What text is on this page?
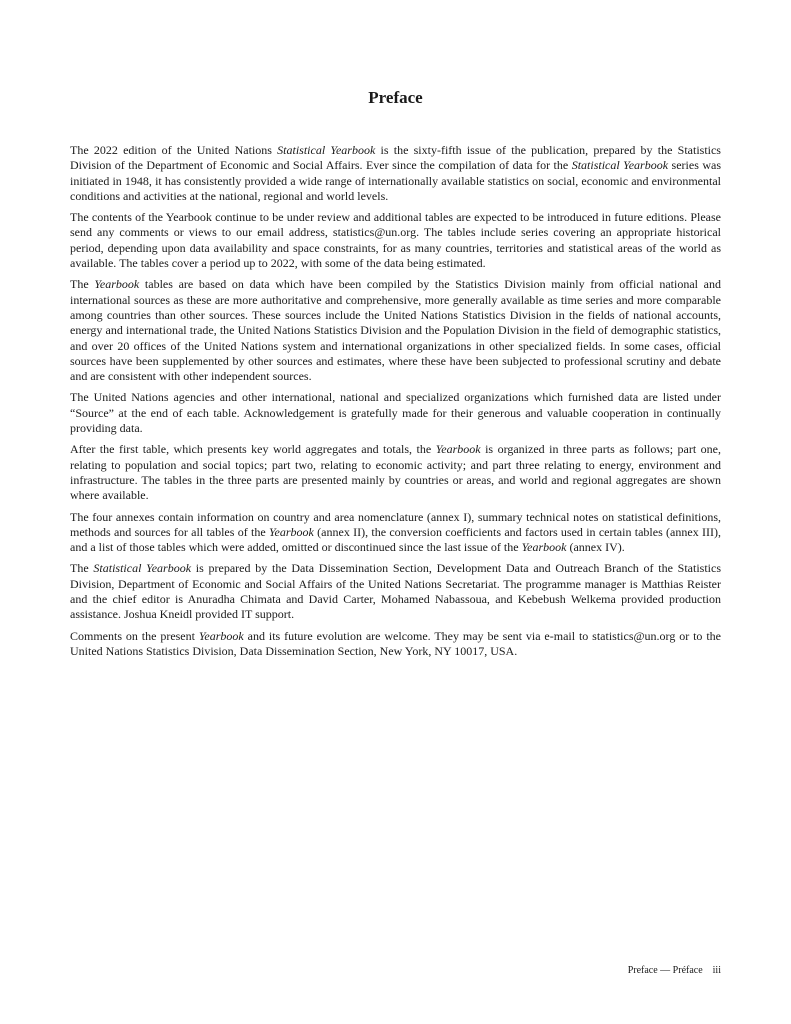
Preface

The 2022 edition of the United Nations Statistical Yearbook is the sixty-fifth issue of the publication, prepared by the Statistics Division of the Department of Economic and Social Affairs. Ever since the compilation of data for the Statistical Yearbook series was initiated in 1948, it has consistently provided a wide range of internationally available statistics on social, economic and environmental conditions and activities at the national, regional and world levels.

The contents of the Yearbook continue to be under review and additional tables are expected to be introduced in future editions. Please send any comments or views to our email address, statistics@un.org. The tables include series covering an appropriate historical period, depending upon data availability and space constraints, for as many countries, territories and statistical areas of the world as available. The tables cover a period up to 2022, with some of the data being estimated.

The Yearbook tables are based on data which have been compiled by the Statistics Division mainly from official national and international sources as these are more authoritative and comprehensive, more generally available as time series and more comparable among countries than other sources. These sources include the United Nations Statistics Division in the fields of national accounts, energy and international trade, the United Nations Statistics Division and the Population Division in the field of demographic statistics, and over 20 offices of the United Nations system and international organizations in other specialized fields. In some cases, official sources have been supplemented by other sources and estimates, where these have been subjected to professional scrutiny and debate and are consistent with other independent sources.

The United Nations agencies and other international, national and specialized organizations which furnished data are listed under “Source” at the end of each table. Acknowledgement is gratefully made for their generous and valuable cooperation in continually providing data.

After the first table, which presents key world aggregates and totals, the Yearbook is organized in three parts as follows; part one, relating to population and social topics; part two, relating to economic activity; and part three relating to energy, environment and infrastructure. The tables in the three parts are presented mainly by countries or areas, and world and regional aggregates are shown where available.

The four annexes contain information on country and area nomenclature (annex I), summary technical notes on statistical definitions, methods and sources for all tables of the Yearbook (annex II), the conversion coefficients and factors used in certain tables (annex III), and a list of those tables which were added, omitted or discontinued since the last issue of the Yearbook (annex IV).

The Statistical Yearbook is prepared by the Data Dissemination Section, Development Data and Outreach Branch of the Statistics Division, Department of Economic and Social Affairs of the United Nations Secretariat. The programme manager is Matthias Reister and the chief editor is Anuradha Chimata and David Carter, Mohamed Nabassoua, and Kebebush Welkema provided production assistance. Joshua Kneidl provided IT support.

Comments on the present Yearbook and its future evolution are welcome. They may be sent via e-mail to statistics@un.org or to the United Nations Statistics Division, Data Dissemination Section, New York, NY 10017, USA.

Preface — Préface iii
